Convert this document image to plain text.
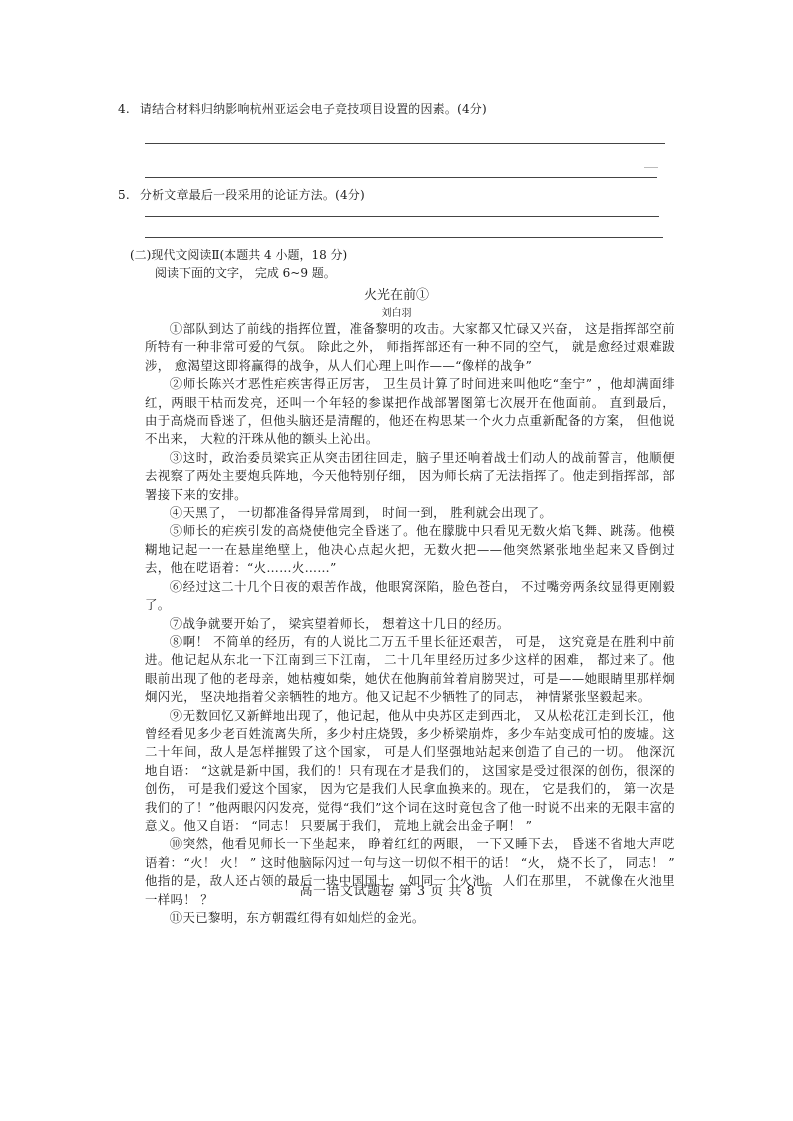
4. 请结合材料归纳影响杭州亚运会电子竞技项目设置的因素。(4分)
5. 分析文章最后一段采用的论证方法。(4分)
(二)现代文阅读Ⅱ(本题共 4 小题，18 分)
阅读下面的文字， 完成 6~9 题。
火光在前①
刘白羽

①部队到达了前线的指挥位置，准备黎明的攻击。大家都又忙碌又兴奋， 这是指挥部空前所特有一种非常可爱的气氛。 除此之外， 师指挥部还有一种不同的空气， 就是愈经过艰难跋涉， 愈渴望这即将赢得的战争，从人们心理上叫作——“像样的战争”

②师长陈兴才恶性疟疾害得正厉害， 卫生员计算了时间进来叫他吃“奎宁” ，他却满面绯红，两眼干枯而发亮，还叫一个年轻的参谋把作战部署图第七次展开在他面前。 直到最后， 由于高烧而昏迷了，但他头脑还是清醒的，他还在构思某一个火力点重新配备的方案， 但他说不出来， 大粒的汗珠从他的额头上沁出。

③这时，政治委员梁宾正从突击团往回走，脑子里还响着战士们动人的战前誓言，他顺便去视察了两处主要炮兵阵地，今天他特别仔细， 因为师长病了无法指挥了。他走到指挥部，部署接下来的安排。

④天黑了， 一切都准备得异常周到， 时间一到， 胜利就会出现了。

⑤师长的疟疾引发的高烧使他完全昏迷了。他在朦胧中只看见无数火焰飞舞、跳荡。他模糊地记起一一在悬崖绝壁上，他决心点起火把，无数火把——他突然紧张地坐起来又昏倒过去，他在呓语着：“火……火……”

⑥经过这二十几个日夜的艰苦作战，他眼窝深陷，脸色苍白， 不过嘴旁两条纹显得更刚毅了。

⑦战争就要开始了， 梁宾望着师长， 想着这十几日的经历。

⑧啊！ 不简单的经历，有的人说比二万五千里长征还艰苦， 可是， 这究竟是在胜利中前进。他记起从东北一下江南到三下江南， 二十几年里经历过多少这样的困难， 都过来了。他眼前出现了他的老母亲，她枯瘦如柴，她伏在他胸前耸着肩膀哭过，可是——她眼睛里那样炯炯闪光， 坚决地指着父亲牺牲的地方。他又记起不少牺牲了的同志， 神情紧张坚毅起来。

⑨无数回忆又新鲜地出现了，他记起，他从中央苏区走到西北， 又从松花江走到长江，他曾经看见多少老百姓流离失所，多少村庄烧毁，多少桥梁崩炸，多少车站变成可怕的废墟。这二十年间，敌人是怎样摧毁了这个国家， 可是人们坚强地站起来创造了自己的一切。 他深沉地自语： “这就是新中国，我们的！只有现在才是我们的， 这国家是受过很深的创伤，很深的创伤， 可是我们爱这个国家， 因为它是我们人民拿血换来的。现在， 它是我们的， 第一次是我们的了！”他两眼闪闪发亮，觉得“我们”这个词在这时竟包含了他一时说不出来的无限丰富的意义。他又自语： “同志！ 只要属于我们， 荒地上就会出金子啊！ ”

⑩突然，他看见师长一下坐起来， 睁着红红的两眼， 一下又睡下去， 昏迷不省地大声呓语着：“火！ 火！ ” 这时他脑际闪过一句与这一切似不相干的话！ “火， 烧不长了， 同志！ ” 他指的是，敌人还占领的最后一块中国国土， 如同一个火池。 人们在那里， 不就像在火池里一样吗！ ？

⑪天已黎明，东方朝霞红得有如灿烂的金光。

高一语文试题卷 第 3 页 共 8 页
